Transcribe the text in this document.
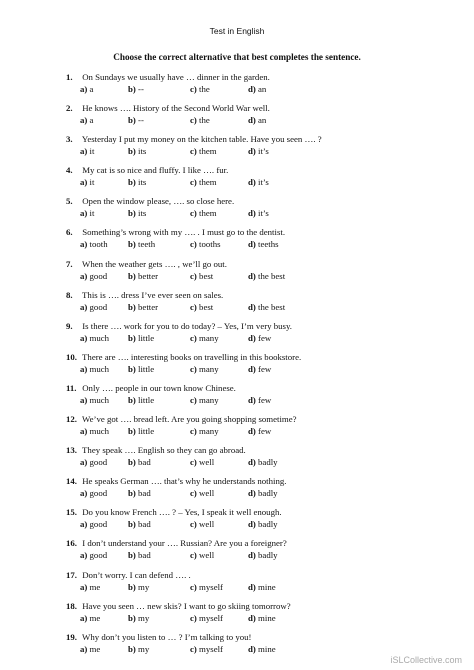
Test in English
Choose the correct alternative that best completes the sentence.
1. On Sundays we usually have … dinner in the garden.
a) a	b) --	c) the	d) an
2. He knows …. History of the Second World War well.
a) a	b) --	c) the	d) an
3. Yesterday I put my money on the kitchen table. Have you seen …. ?
a) it	b) its	c) them	d) it’s
4. My cat is so nice and fluffy. I like …. fur.
a) it	b) its	c) them	d) it’s
5. Open the window please, …. so close here.
a) it	b) its	c) them	d) it’s
6. Something’s wrong with my …. . I must go to the dentist.
a) tooth	b) teeth	c) tooths	d) teeths
7. When the weather gets …. , we’ll go out.
a) good	b) better	c) best	d) the best
8. This is …. dress I’ve ever seen on sales.
a) good	b) better	c) best	d) the best
9. Is there …. work for you to do today? – Yes, I’m very busy.
a) much	b) little	c) many	d) few
10. There are …. interesting books on travelling in this bookstore.
a) much	b) little	c) many	d) few
11. Only …. people in our town know Chinese.
a) much	b) little	c) many	d) few
12. We’ve got …. bread left. Are you going shopping sometime?
a) much	b) little	c) many	d) few
13. They speak …. English so they can go abroad.
a) good	b) bad	c) well	d) badly
14. He speaks German …. that’s why he understands nothing.
a) good	b) bad	c) well	d) badly
15. Do you know French …. ? – Yes, I speak it well enough.
a) good	b) bad	c) well	d) badly
16. I don’t understand your …. Russian? Are you a foreigner?
a) good	b) bad	c) well	d) badly
17. Don’t worry. I can defend …. .
a) me	b) my	c) myself	d) mine
18. Have you seen … new skis? I want to go skiing tomorrow?
a) me	b) my	c) myself	d) mine
19. Why don’t you listen to … ? I’m talking to you!
a) me	b) my	c) myself	d) mine
iSLCollective.com
